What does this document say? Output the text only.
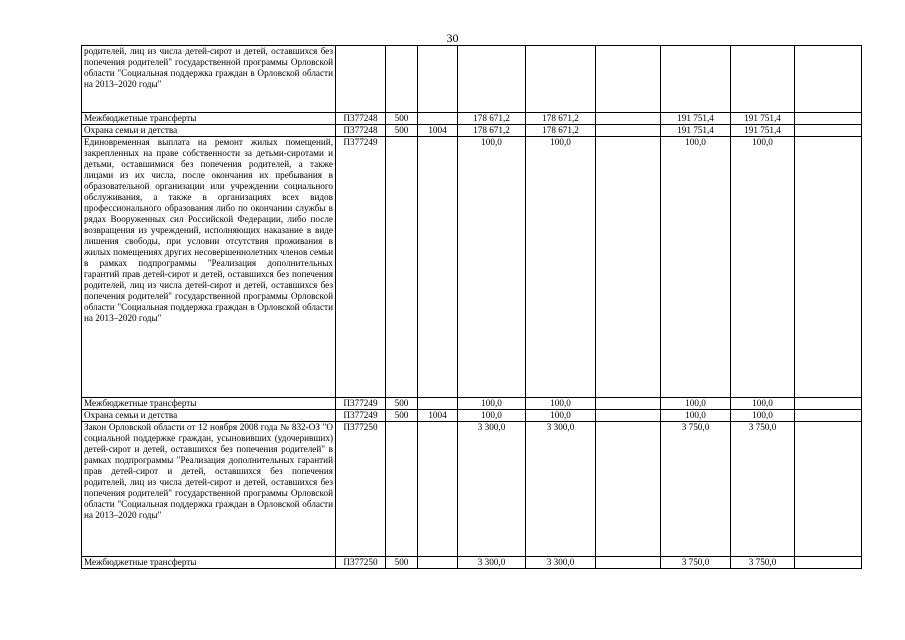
30
родителей, лиц из числа детей-сирот и детей, оставшихся без попечения родителей" государственной программы Орловской области "Социальная поддержка граждан в Орловской области на 2013–2020 годы"									
Межбюджетные трансферты	П377248	500		178 671,2	178 671,2		191 751,4	191 751,4	
Охрана семьи и детства	П377248	500	1004	178 671,2	178 671,2		191 751,4	191 751,4	
Единовременная выплата на ремонт жилых помещений, закрепленных на праве собственности за детьми-сиротами и детьми, оставшимися без попечения родителей, а также лицами из их числа, после окончания их пребывания в образовательной организации или учреждении социального обслуживания, а также в организациях всех видов профессионального образования либо по окончании службы в рядах Вооруженных сил Российской Федерации, либо после возвращения из учреждений, исполняющих наказание в виде лишения свободы, при условии отсутствия проживания в жилых помещениях других несовершеннолетних членов семьи в рамках подпрограммы "Реализация дополнительных гарантий прав детей-сирот и детей, оставшихся без попечения родителей, лиц из числа детей-сирот и детей, оставшихся без попечения родителей" государственной программы Орловской области "Социальная поддержка граждан в Орловской области на 2013–2020 годы"	П377249			100,0	100,0		100,0	100,0	
Межбюджетные трансферты	П377249	500		100,0	100,0		100,0	100,0	
Охрана семьи и детства	П377249	500	1004	100,0	100,0		100,0	100,0	
Закон Орловской области от 12 ноября 2008 года № 832-ОЗ "О социальной поддержке граждан, усыновивших (удочеривших) детей-сирот и детей, оставшихся без попечения родителей" в рамках подпрограммы "Реализация дополнительных гарантий прав детей-сирот и детей, оставшихся без попечения родителей, лиц из числа детей-сирот и детей, оставшихся без попечения родителей" государственной программы Орловской области "Социальная поддержка граждан в Орловской области на 2013–2020 годы"	П377250			3 300,0	3 300,0		3 750,0	3 750,0	
Межбюджетные трансферты	П377250	500		3 300,0	3 300,0		3 750,0	3 750,0	
